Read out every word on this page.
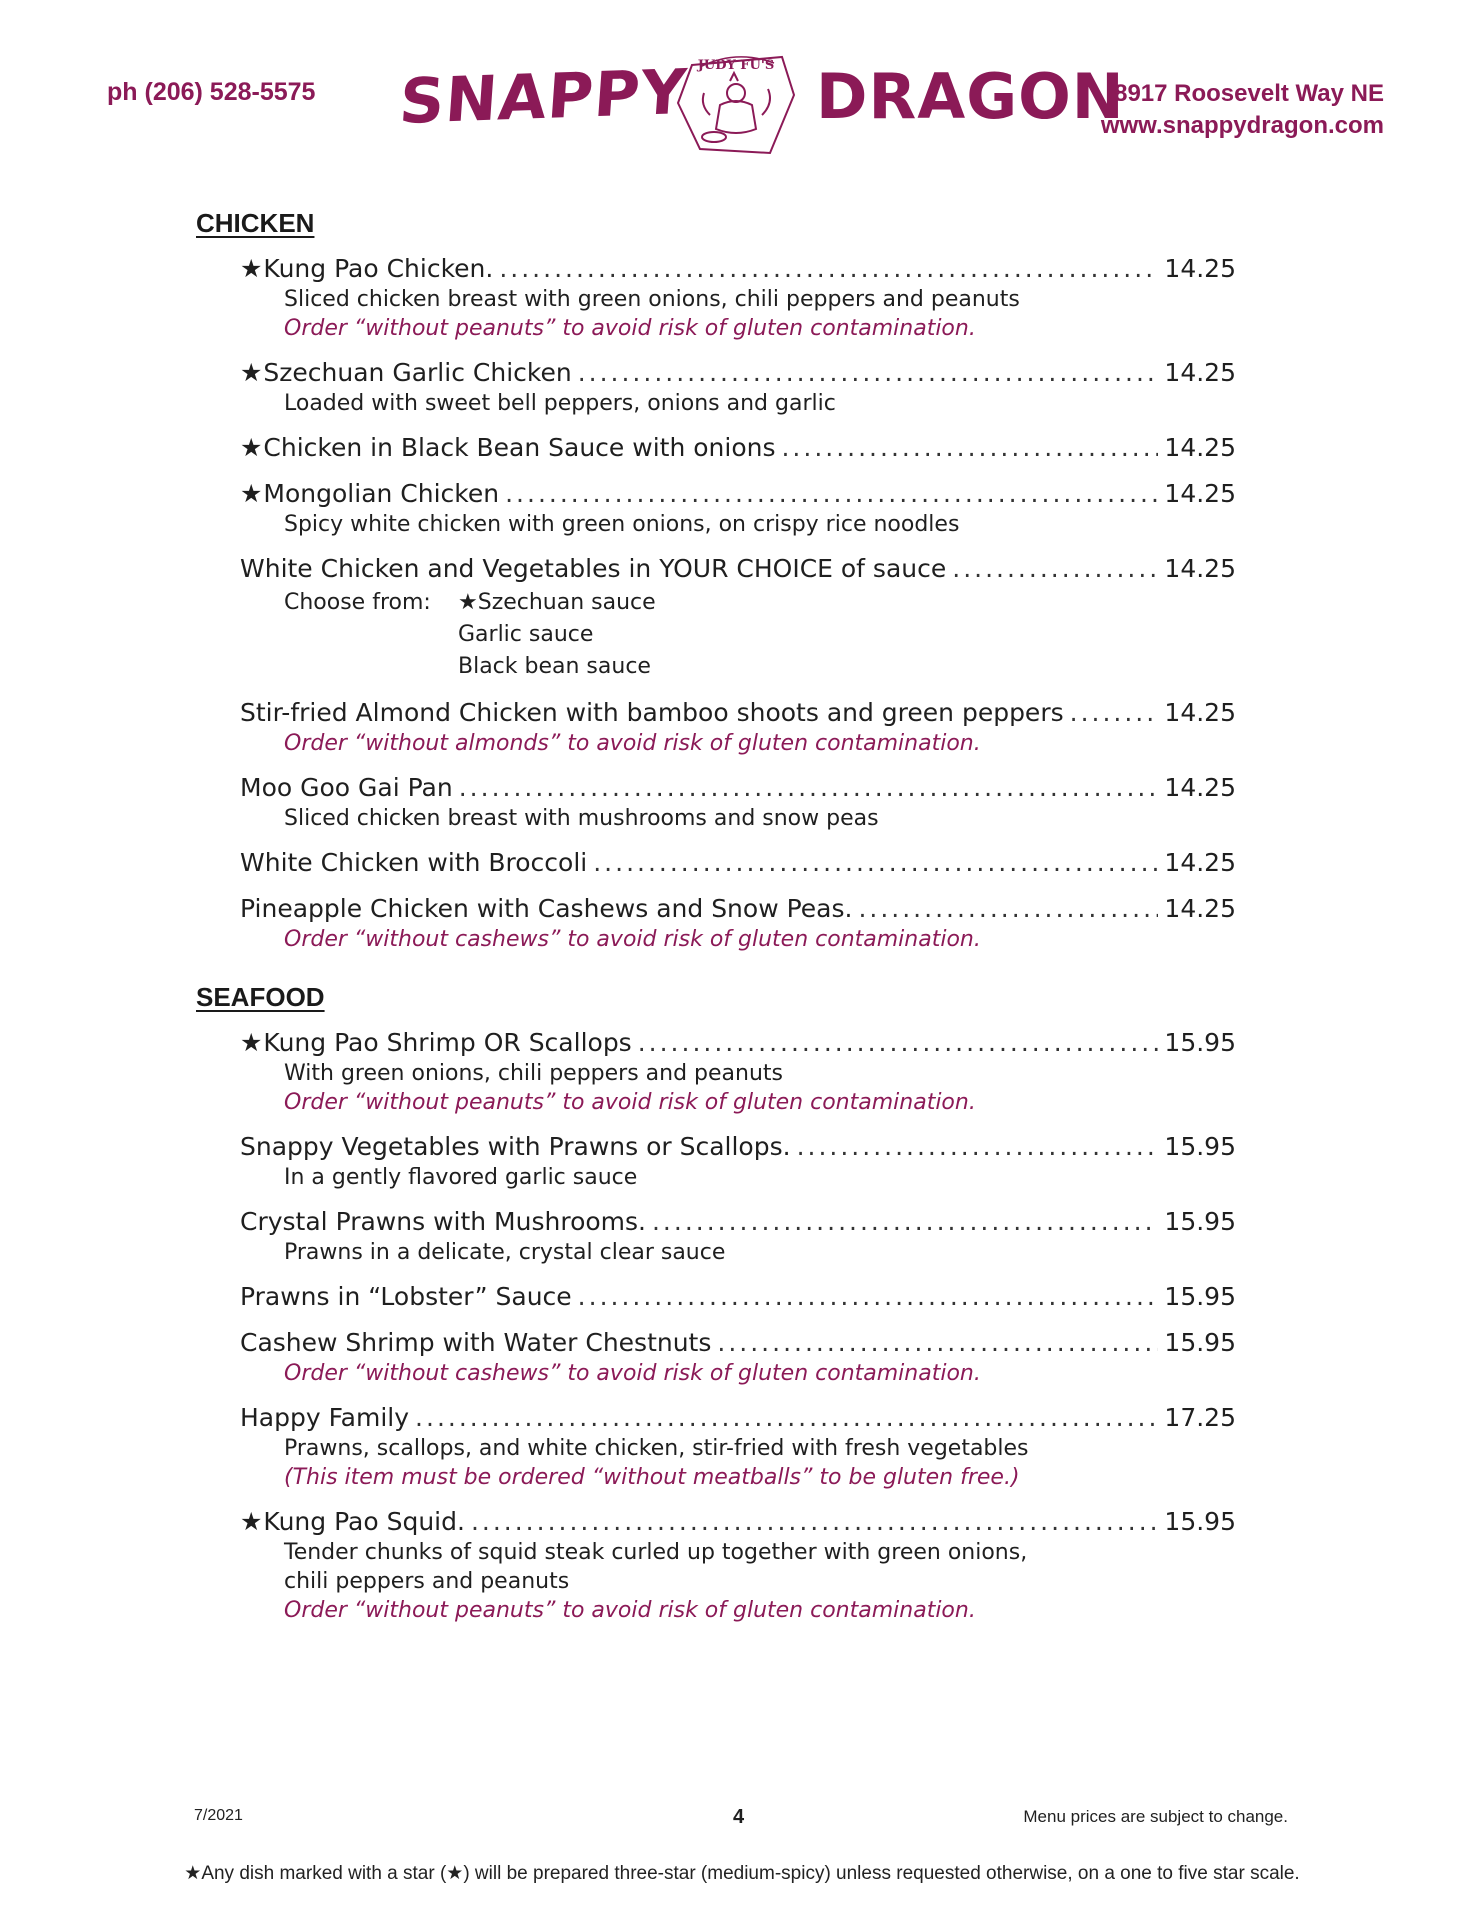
ph (206) 528-5575 SNAPPY JUDY FU'S DRAGON
8917 Roosevelt Way NE
www.snappydragon.com
CHICKEN
★Kung Pao Chicken. .....	14.25
Sliced chicken breast with green onions, chili peppers and peanuts
Order “without peanuts” to avoid risk of gluten contamination.
★Szechuan Garlic Chicken .....	14.25
Loaded with sweet bell peppers, onions and garlic
★Chicken in Black Bean Sauce with onions .....	14.25
★Mongolian Chicken .....	14.25
Spicy white chicken with green onions, on crispy rice noodles
White Chicken and Vegetables in YOUR CHOICE of sauce .....	14.25
Choose from:	★Szechuan sauce
Garlic sauce
Black bean sauce
Stir-fried Almond Chicken with bamboo shoots and green peppers .....	14.25
Order “without almonds” to avoid risk of gluten contamination.
Moo Goo Gai Pan .....	14.25
Sliced chicken breast with mushrooms and snow peas
White Chicken with Broccoli .....	14.25
Pineapple Chicken with Cashews and Snow Peas. .....	14.25
Order “without cashews” to avoid risk of gluten contamination.
SEAFOOD
★Kung Pao Shrimp OR Scallops .....	15.95
With green onions, chili peppers and peanuts
Order “without peanuts” to avoid risk of gluten contamination.
Snappy Vegetables with Prawns or Scallops. .....	15.95
In a gently flavored garlic sauce
Crystal Prawns with Mushrooms. .....	15.95
Prawns in a delicate, crystal clear sauce
Prawns in “Lobster” Sauce .....	15.95
Cashew Shrimp with Water Chestnuts .....	15.95
Order “without cashews” to avoid risk of gluten contamination.
Happy Family .....	17.25
Prawns, scallops, and white chicken, stir-fried with fresh vegetables
(This item must be ordered “without meatballs” to be gluten free.)
★Kung Pao Squid. .....	15.95
Tender chunks of squid steak curled up together with green onions,
chili peppers and peanuts
Order “without peanuts” to avoid risk of gluten contamination.
7/2021	4	Menu prices are subject to change.
★Any dish marked with a star (★) will be prepared three-star (medium-spicy) unless requested otherwise, on a one to five star scale.
